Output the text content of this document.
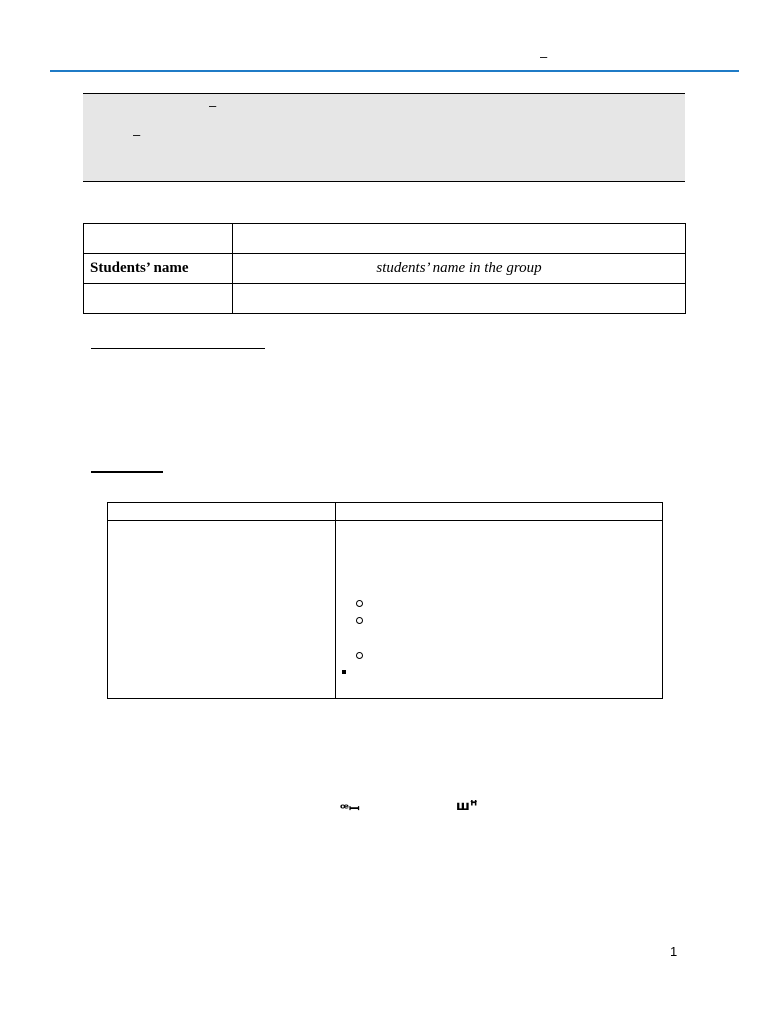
–
–
–

Students’ name	students’ name in the group

ꟹꟷ	ꟺꟸ
1
